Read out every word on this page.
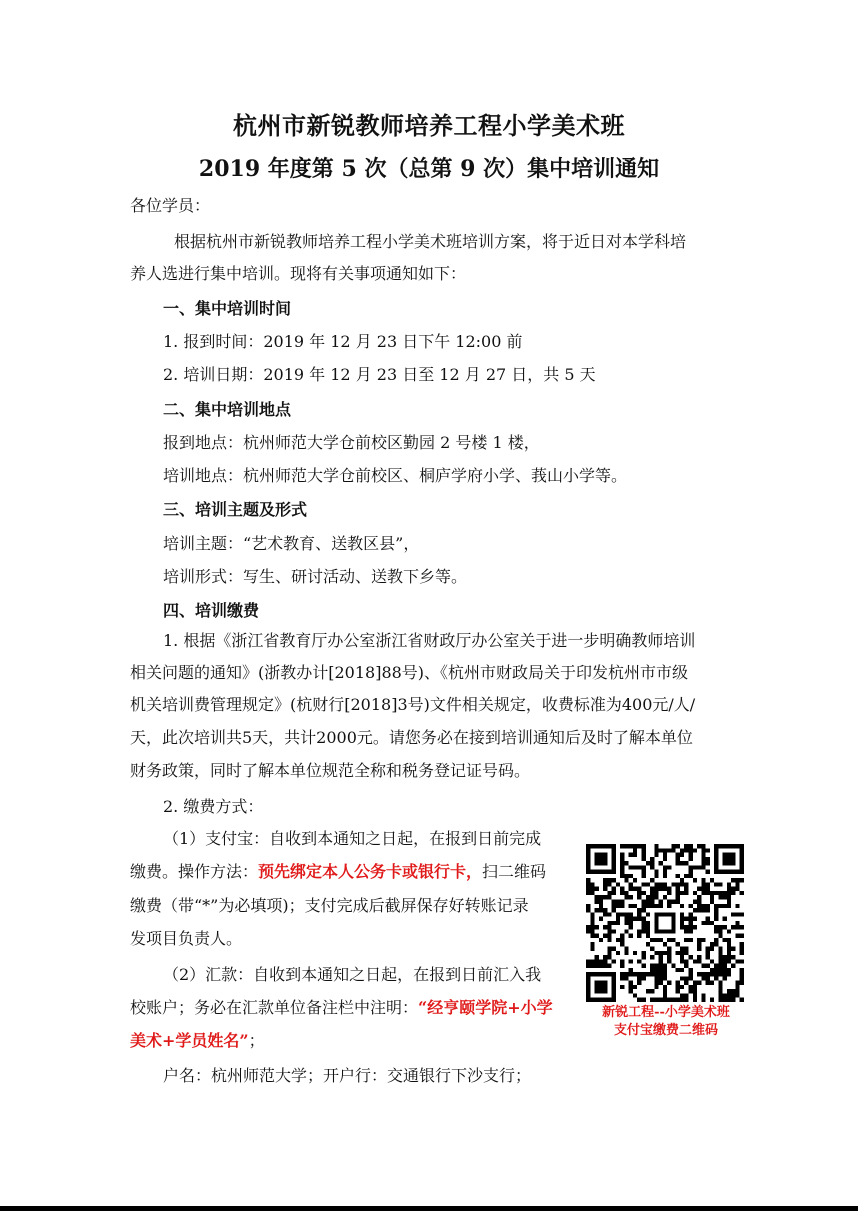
杭州市新锐教师培养工程小学美术班
2019 年度第 5 次（总第 9 次）集中培训通知
各位学员：
根据杭州市新锐教师培养工程小学美术班培训方案，将于近日对本学科培
养人选进行集中培训。现将有关事项通知如下：
一、集中培训时间
1. 报到时间：2019 年 12 月 23 日下午 12:00 前
2. 培训日期：2019 年 12 月 23 日至 12 月 27 日，共 5 天
二、集中培训地点
报到地点：杭州师范大学仓前校区勤园 2 号楼 1 楼，
培训地点：杭州师范大学仓前校区、桐庐学府小学、莪山小学等。
三、培训主题及形式
培训主题：“艺术教育、送教区县”，
培训形式：写生、研讨活动、送教下乡等。
四、培训缴费
1. 根据《浙江省教育厅办公室浙江省财政厅办公室关于进一步明确教师培训
相关问题的通知》(浙教办计[2018]88号)、《杭州市财政局关于印发杭州市市级
机关培训费管理规定》(杭财行[2018]3号)文件相关规定，收费标准为400元/人/
天，此次培训共5天，共计2000元。请您务必在接到培训通知后及时了解本单位
财务政策，同时了解本单位规范全称和税务登记证号码。
2. 缴费方式：
（1）支付宝：自收到本通知之日起，在报到日前完成
缴费。操作方法：预先绑定本人公务卡或银行卡，扫二维码
缴费（带“*”为必填项)；支付完成后截屏保存好转账记录
发项目负责人。
（2）汇款：自收到本通知之日起，在报到日前汇入我
校账户；务必在汇款单位备注栏中注明：“经亨颐学院+小学
美术+学员姓名”；
户名：杭州师范大学；开户行：交通银行下沙支行；
新锐工程--小学美术班
支付宝缴费二维码
